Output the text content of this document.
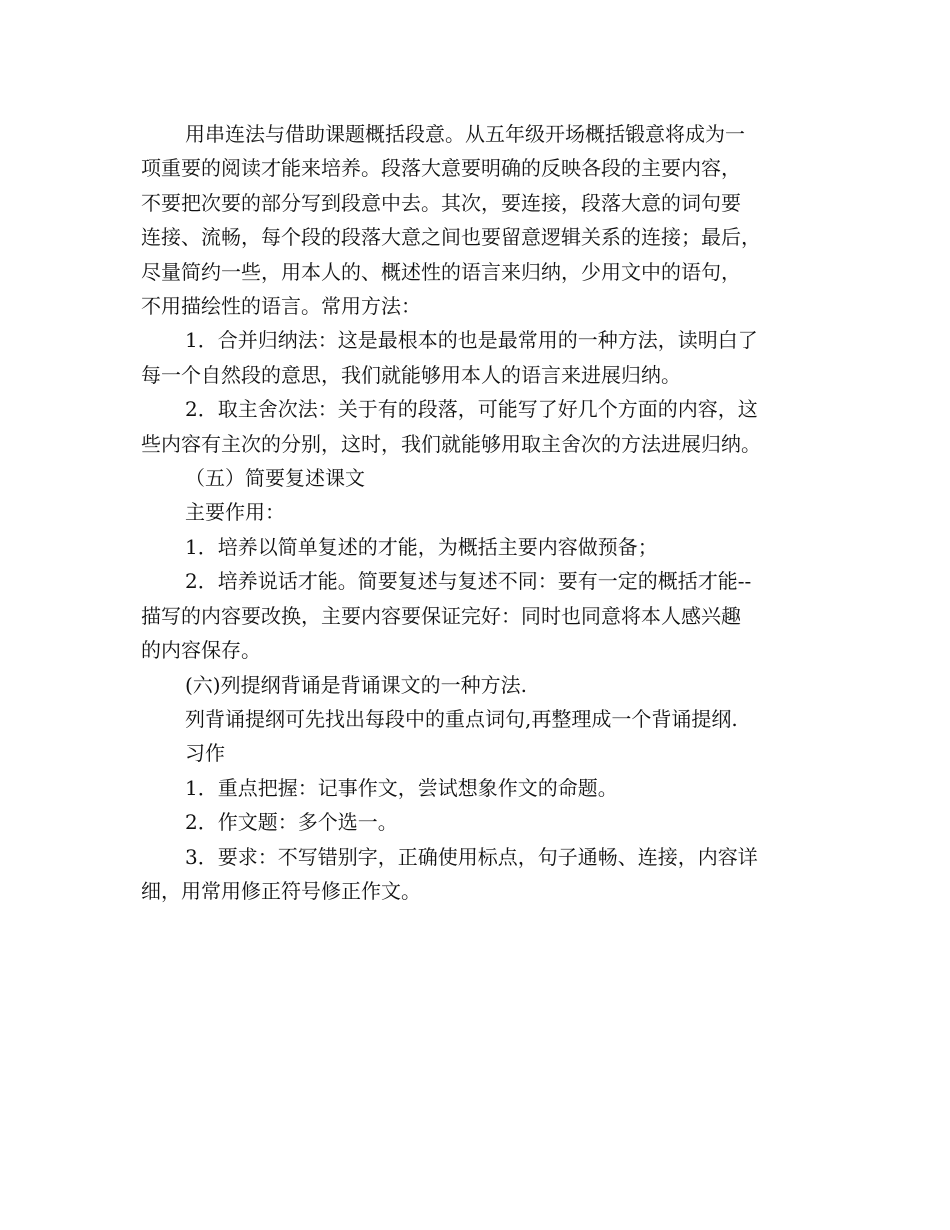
用串连法与借助课题概括段意。从五年级开场概括锻意将成为一
项重要的阅读才能来培养。段落大意要明确的反映各段的主要内容，
不要把次要的部分写到段意中去。其次，要连接，段落大意的词句要
连接、流畅，每个段的段落大意之间也要留意逻辑关系的连接；最后，
尽量简约一些，用本人的、概述性的语言来归纳，少用文中的语句，
不用描绘性的语言。常用方法：
1．合并归纳法：这是最根本的也是最常用的一种方法，读明白了
每一个自然段的意思，我们就能够用本人的语言来进展归纳。
2．取主舍次法：关于有的段落，可能写了好几个方面的内容，这
些内容有主次的分别，这时，我们就能够用取主舍次的方法进展归纳。
（五）简要复述课文
主要作用：
1．培养以简单复述的才能，为概括主要内容做预备；
2．培养说话才能。简要复述与复述不同：要有一定的概括才能--
描写的内容要改换，主要内容要保证完好：同时也同意将本人感兴趣
的内容保存。
(六)列提纲背诵是背诵课文的一种方法.
列背诵提纲可先找出每段中的重点词句,再整理成一个背诵提纲.
习作
1．重点把握：记事作文，尝试想象作文的命题。
2．作文题：多个选一。
3．要求：不写错别字，正确使用标点，句子通畅、连接，内容详
细，用常用修正符号修正作文。
